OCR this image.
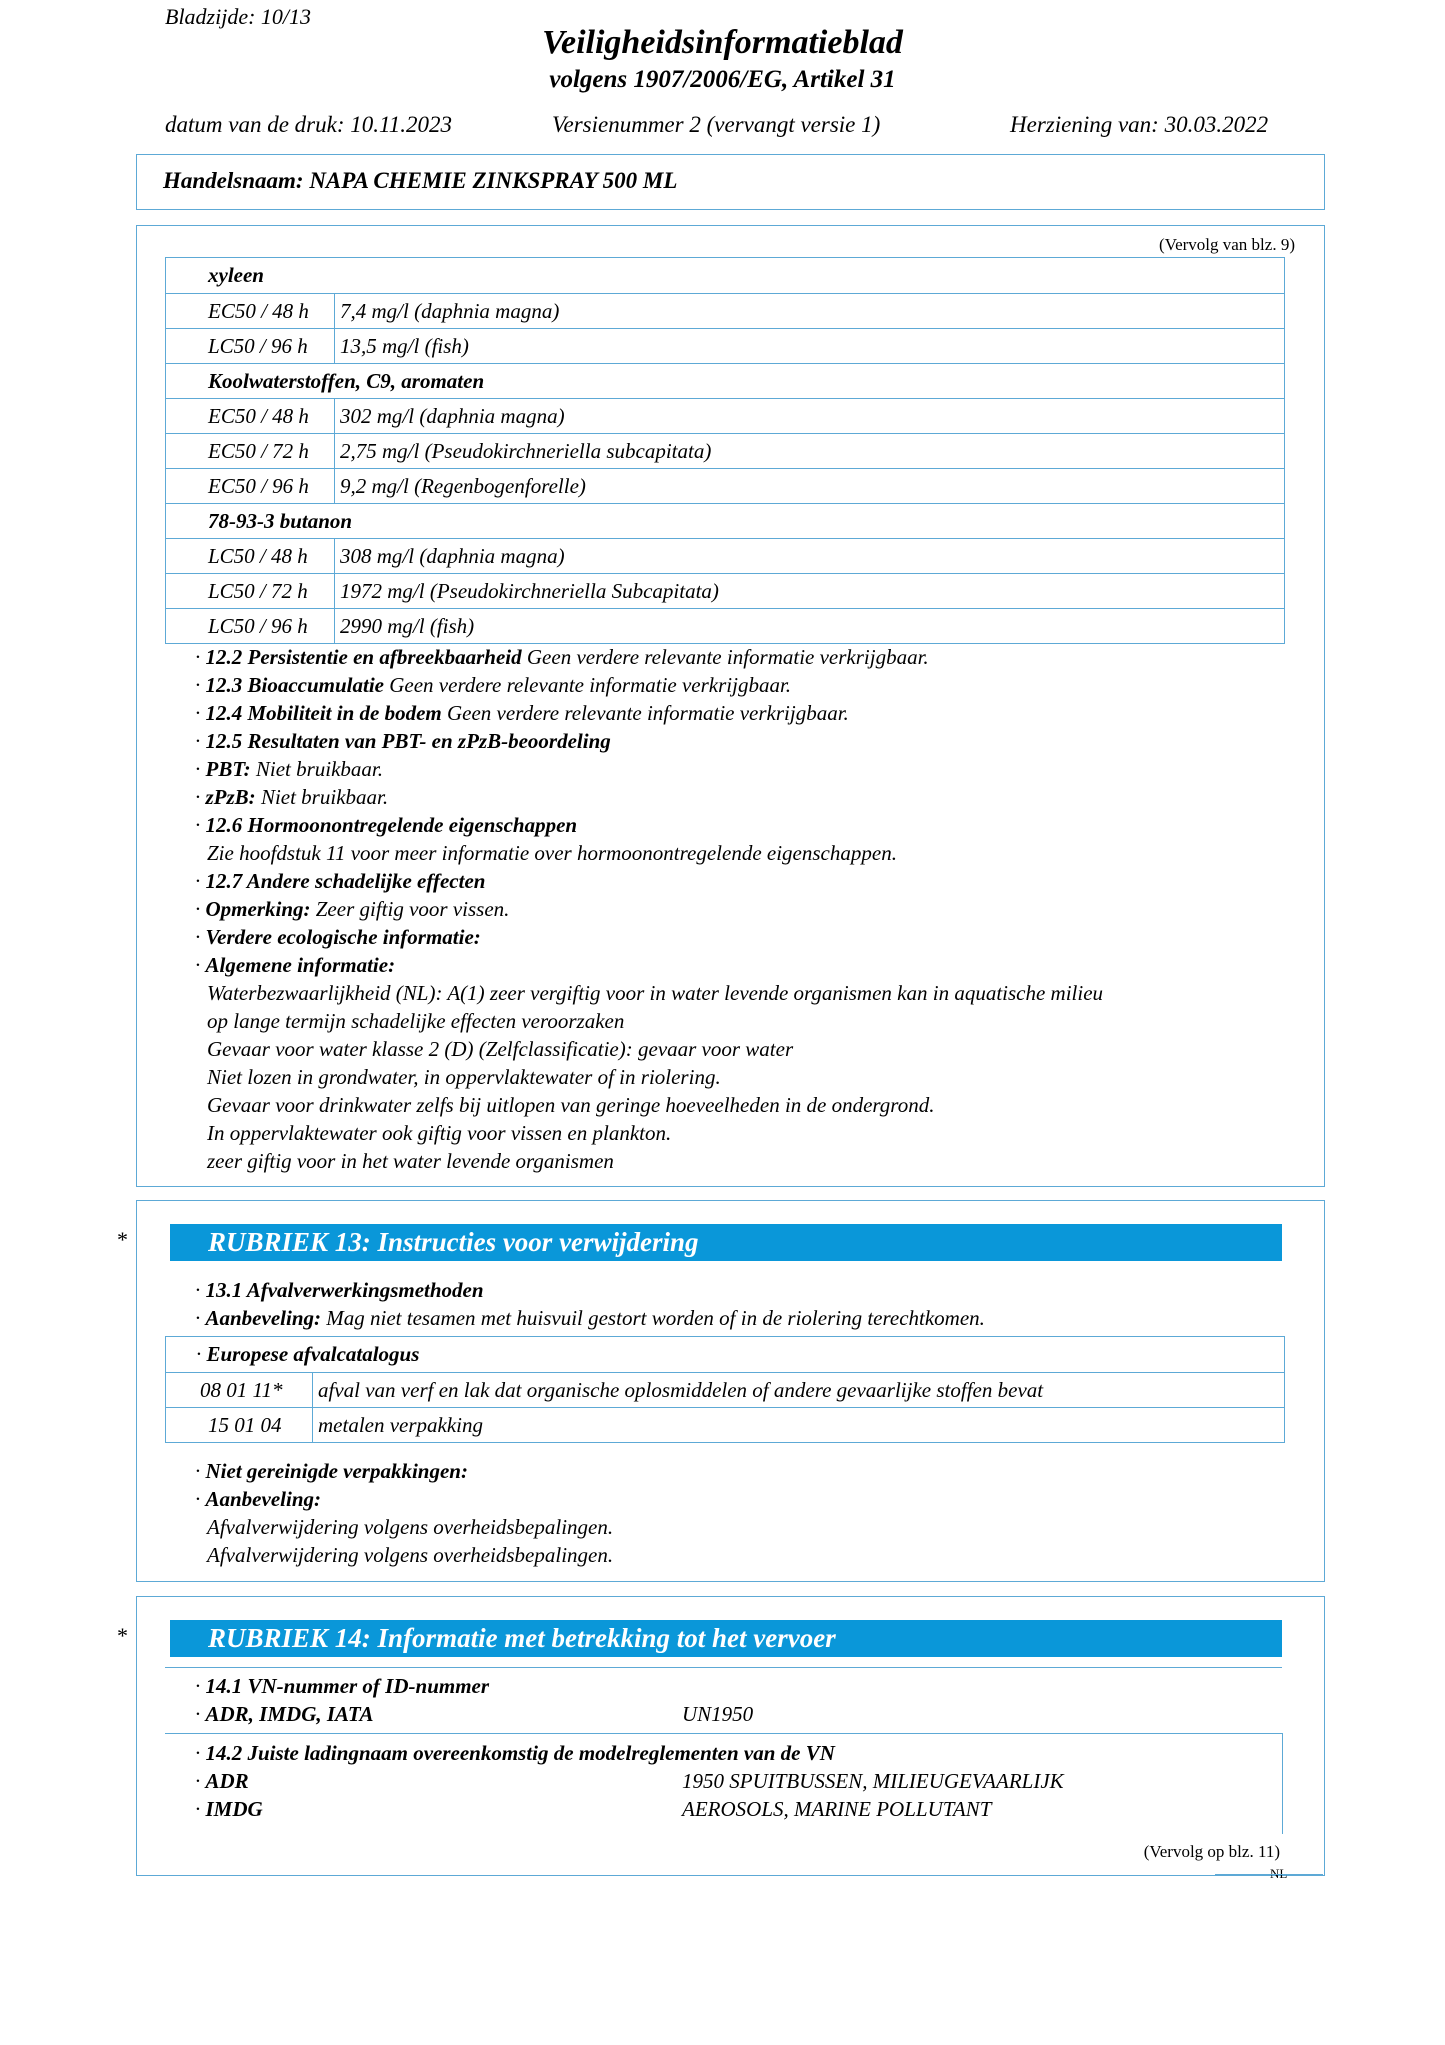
Bladzijde: 10/13
Veiligheidsinformatieblad
volgens 1907/2006/EG, Artikel 31
datum van de druk: 10.11.2023	Versienummer 2 (vervangt versie 1)	Herziening van: 30.03.2022
Handelsnaam: NAPA CHEMIE ZINKSPRAY 500 ML
(Vervolg van blz. 9)
xyleen
EC50 / 48 h 7,4 mg/l (daphnia magna)
LC50 / 96 h 13,5 mg/l (fish)
Koolwaterstoffen, C9, aromaten
EC50 / 48 h 302 mg/l (daphnia magna)
EC50 / 72 h 2,75 mg/l (Pseudokirchneriella subcapitata)
EC50 / 96 h 9,2 mg/l (Regenbogenforelle)
78-93-3 butanon
LC50 / 48 h 308 mg/l (daphnia magna)
LC50 / 72 h 1972 mg/l (Pseudokirchneriella Subcapitata)
LC50 / 96 h 2990 mg/l (fish)
· 12.2 Persistentie en afbreekbaarheid Geen verdere relevante informatie verkrijgbaar.
· 12.3 Bioaccumulatie Geen verdere relevante informatie verkrijgbaar.
· 12.4 Mobiliteit in de bodem Geen verdere relevante informatie verkrijgbaar.
· 12.5 Resultaten van PBT- en zPzB-beoordeling
· PBT: Niet bruikbaar.
· zPzB: Niet bruikbaar.
· 12.6 Hormoonontregelende eigenschappen
Zie hoofdstuk 11 voor meer informatie over hormoonontregelende eigenschappen.
· 12.7 Andere schadelijke effecten
· Opmerking: Zeer giftig voor vissen.
· Verdere ecologische informatie:
· Algemene informatie:
Waterbezwaarlijkheid (NL): A(1) zeer vergiftig voor in water levende organismen kan in aquatische milieu
op lange termijn schadelijke effecten veroorzaken
Gevaar voor water klasse 2 (D) (Zelfclassificatie): gevaar voor water
Niet lozen in grondwater, in oppervlaktewater of in riolering.
Gevaar voor drinkwater zelfs bij uitlopen van geringe hoeveelheden in de ondergrond.
In oppervlaktewater ook giftig voor vissen en plankton.
zeer giftig voor in het water levende organismen
*	RUBRIEK 13: Instructies voor verwijdering
· 13.1 Afvalverwerkingsmethoden
· Aanbeveling: Mag niet tesamen met huisvuil gestort worden of in de riolering terechtkomen.
· Europese afvalcatalogus
08 01 11* afval van verf en lak dat organische oplosmiddelen of andere gevaarlijke stoffen bevat
15 01 04 metalen verpakking
· Niet gereinigde verpakkingen:
· Aanbeveling:
Afvalverwijdering volgens overheidsbepalingen.
Afvalverwijdering volgens overheidsbepalingen.
*	RUBRIEK 14: Informatie met betrekking tot het vervoer
· 14.1 VN-nummer of ID-nummer
· ADR, IMDG, IATA	UN1950
· 14.2 Juiste ladingnaam overeenkomstig de modelreglementen van de VN
· ADR	1950 SPUITBUSSEN, MILIEUGEVAARLIJK
· IMDG	AEROSOLS, MARINE POLLUTANT
(Vervolg op blz. 11)
NL
